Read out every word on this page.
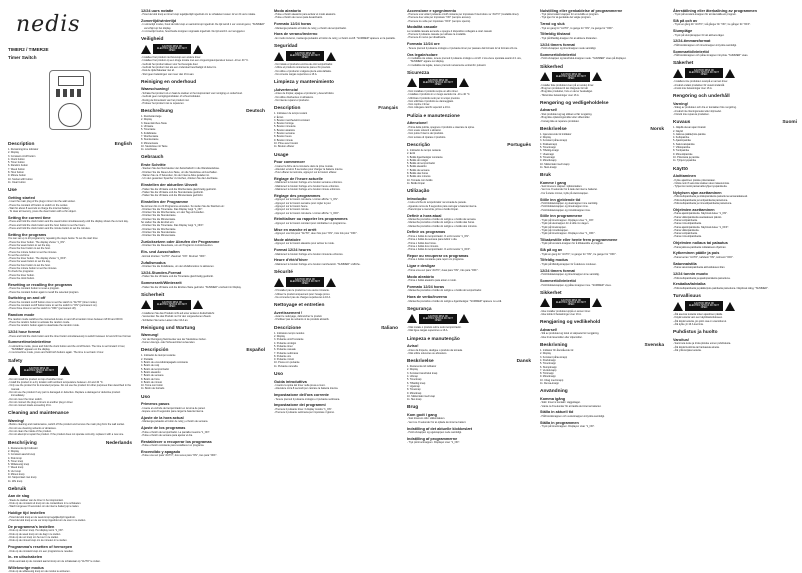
nedis
TIMER2 / TIMER2E
Timer Switch
Description	English
1. Remaining time indicator
2. Display
3. Constant on/off button
4. Clock button
5. Timer button
6. Random button
7. Week button
8. Hour button
9. Minute button
10. Socket with button
11. Clear button
Use
Getting started
- Insert the main plug of the plug-in timer into the wall socket.
- Press the constant off button to switch on the socket.
- Wait for about 8 seconds to charge the internal battery.
- To clear all memory, press the clear button with a thin object.
Setting the current time
- Press and hold the clock button and the week button simultaneously until the display shows the current day.
- Press and hold the clock button and the hour button to set the hours.
- Press and hold the clock button and the minute button to set the minutes.
Setting the programs
You can set up to 20 programs by repeating the steps below. To set the start time:
- Press the timer button. The display shows "1_ON".
- Press the week button to set the day.
- Press the hour button to set the hour.
- Press the minute button to set the minutes.
To set the end time:
- Press the timer button. The display shows "1_OFF".
- Press the week button to set the day.
- Press the hour button to set the hour.
- Press the minute button to set the minutes.
To check the programs:
- Press the timer button.
- Press the clock button.
Resetting or recalling the programs
- Press the constant button to reset a program.
- Press the constant button again to recall the selected program.
Switching on and off
- Press the constant on/off button once to set the switch to "AUTO" (timer mode).
- Press the constant on/off button twice to set the switch to "ON" (permanent on).
- Press three times to set the switch to "OFF" (permanent off).
Random mode
The random mode switches the connected device on and off at random times between 18:00 and 06:00.
- Press the random button to activate the random mode.
- Press the random button again to deactivate the random mode.
12/24 hour format
- Press and hold the clock button and the timer button simultaneously to switch between 12 and 24 hour format.
Summertime/wintertime
- In wintertime mode, press and hold the clock button and the on/off button. The time is set forward 1 hour, "SUMMER" appears on the display.
- In summertime mode, press and hold both buttons again. The time is set back 1 hour.
Safety
CAUTION RISK OF ELECTRIC SHOCK DO NOT OPEN
- Do not install the product on top of another timer.
- Install the product in a dry location with ambient temperature between -10 and 40 °C.
- Only use the product for its intended purpose. Do not use the product for other purposes than described in the manual.
- Do not use the product if any part is damaged or defective. Replace a damaged or defective product immediately.
- Do not cover the timer switch.
- Do not connect the plug-in timers to another plug-in timer.
- Do not connect loads exceeding 16 A.
Cleaning and maintenance
Warning!
- Before cleaning and maintenance, switch off the product and remove the main plug from the wall socket.
- Do not use cleaning solvents or abrasives.
- Do not clean the inside of the product.
- Do not attempt to repair the product. If the product does not operate correctly, replace it with a new one.
Beschrijving	Nederlands
1. Resterende tijd indicator
2. Display
3. Constant aan/uit knop
4. Klok knop
5. Timer knop
6. Willekeurig knop
7. Week knop
8. Uur knop
9. Minuut knop
10. Stopcontact met knop
11. Wis knop
Gebruik
Aan de slag
- Steek de stekker van de timer in het stopcontact.
- Druk op de constant uit knop om de contactdoos in te schakelen.
- Wacht ongeveer 8 seconden om de interne batterij op te laden.
Huidige tijd instellen
- Houd de klok knop en de week knop tegelijkertijd ingedrukt.
- Houd de klok knop en de uur knop ingedrukt om de uren in te stellen.
De programma's instellen
- Druk op de timer knop. Het display toont "1_ON".
- Druk op de week knop om de dag in te stellen.
- Druk op de uur knop om het uur in te stellen.
- Druk op de minuut knop om de minuten in te stellen.
Programma's resetten of herroepen
- Druk op de constant knop om een programma te resetten.
In- en uitschakelen
- Druk eenmaal op de constant aan/uit knop om de schakelaar op "AUTO" te zetten.
Willekeurige modus
- Druk op de willekeurig knop om de modus te activeren.
12/24 uurs notatie
- Houd de klok knop en timer knop tegelijkertijd ingedrukt om te schakelen tussen 12 en 24 uurs notatie.
Zomertijd/wintertijd
- In wintertijd modus, houd de klok knop en aan/uit knop ingedrukt. De tijd wordt 1 uur vooruit gezet, "SUMMER" verschijnt op het display.
- In zomertijd modus, houd beide knoppen nogmaals ingedrukt. De tijd wordt 1 uur teruggezet.
Veiligheid
CAUTION RISK OF ELECTRIC SHOCK DO NOT OPEN
- Installeer het product niet bovenop een andere timer.
- Installeer het product op een droge locatie met een omgevingstemperatuur tussen -10 en 40 °C.
- Gebruik het product alleen voor het beoogde doel.
- Gebruik het product niet als een onderdeel beschadigd of defect is.
- Dek de tijdschakelaar niet af.
- Sluit geen belastingen van meer dan 16 A aan.
Reiniging en onderhoud
Waarschuwing!
- Schakel het product uit en haal de stekker uit het stopcontact voor reiniging en onderhoud.
- Gebruik geen reinigingsmiddelen of schuurmiddelen.
- Reinig de binnenkant van het product niet.
- Probeer het product niet te repareren.
Beschreibung	Deutsch
1. Restzeitanzeige
2. Display
3. Dauer-Ein/Aus-Taste
4. Uhrtaste
5. Timertaste
6. Zufallstaste
7. Wochentaste
8. Stundentaste
9. Minutentaste
10. Steckdose mit Taste
11. Löschtaste
Gebrauch
Erste Schritte
- Stecken Sie den Netzstecker der Zeitschaltuhr in die Wandsteckdose.
- Drücken Sie die Dauer-Aus-Taste, um die Steckdose einzuschalten.
- Warten Sie ca. 8 Sekunden, bis der interne Akku geladen ist.
- Um den gesamten Speicher zu löschen, drücken Sie die Löschtaste.
Einstellen der aktuellen Uhrzeit
- Halten Sie die Uhrtaste und die Wochentaste gleichzeitig gedrückt.
- Halten Sie die Uhrtaste und die Stundentaste gedrückt.
- Halten Sie die Uhrtaste und die Minutentaste gedrückt.
Einstellen der Programme
Sie können bis zu 20 Programme einstellen. So stellen Sie die Startzeit ein:
- Drücken Sie die Timertaste. Das Display zeigt "1_ON".
- Drücken Sie die Wochentaste, um den Tag einzustellen.
- Drücken Sie die Stundentaste.
- Drücken Sie die Minutentaste.
So stellen Sie die Endzeit ein:
- Drücken Sie die Timertaste. Das Display zeigt "1_OFF".
- Drücken Sie die Wochentaste.
- Drücken Sie die Stundentaste.
- Drücken Sie die Minutentaste.
Zurücksetzen oder Abrufen der Programme
- Drücken Sie die Dauertaste, um ein Programm zurückzusetzen.
Ein- und Ausschalten
- Einmal drücken: "AUTO". Zweimal: "ON". Dreimal: "OFF".
Zufallsmodus
- Drücken Sie die Zufallstaste, um den Zufallsmodus zu aktivieren.
12/24-Stunden-Format
- Halten Sie die Uhrtaste und die Timertaste gleichzeitig gedrückt.
Sommerzeit/Winterzeit
- Halten Sie die Uhrtaste und die Ein/Aus-Taste gedrückt. "SUMMER" erscheint im Display.
Sicherheit
CAUTION RISK OF ELECTRIC SHOCK DO NOT OPEN
- Installieren Sie das Produkt nicht auf einer anderen Zeitschaltuhr.
- Verwenden Sie das Produkt nur für den vorgesehenen Zweck.
- Schließen Sie keine Lasten über 16 A an.
Reinigung und Wartung
Warnung!
- Vor der Reinigung Netzstecker aus der Steckdose ziehen.
- Keine Lösungs- oder Scheuermittel verwenden.
Descripción	Español
1. Indicador de tiempo restante
2. Pantalla
3. Botón de encendido/apagado constante
4. Botón de reloj
5. Botón de temporizador
6. Botón aleatorio
7. Botón de semana
8. Botón de hora
9. Botón de minuto
10. Toma con botón
11. Botón de borrado
Uso
Primeros pasos
- Inserte el enchufe del temporizador en la toma de pared.
- Espere unos 8 segundos para cargar la batería interna.
Ajuste de la hora actual
- Mantenga pulsados el botón de reloj y el botón de semana.
Ajuste de los programas
- Pulse el botón de temporizador. La pantalla muestra "1_ON".
- Pulse el botón de semana para ajustar el día.
Restablecer o recuperar los programas
- Pulse el botón constante para restablecer un programa.
Encendido y apagado
- Pulse una vez para "AUTO", dos veces para "ON", tres para "OFF".
Modo aleatorio
- Pulse el botón aleatorio para activar el modo aleatorio.
- Pulse el botón de nuevo para desactivarlo.
Formato 12/24 horas
- Mantenga pulsados el botón de reloj y el botón de temporizador.
Hora de verano/invierno
- En modo invierno, mantenga pulsados el botón de reloj y el botón on/off. "SUMMER" aparece en la pantalla.
Seguridad
CAUTION RISK OF ELECTRIC SHOCK DO NOT OPEN
- No instale el producto encima de otro temporizador.
- Utilice el producto únicamente para el fin previsto.
- No utilice el producto si alguna pieza está dañada.
- No conecte cargas superiores a 16 A.
Limpieza y mantenimiento
¡Advertencia!
- Antes de limpiar, apague el producto y desenchúfelo.
- No utilice disolventes ni abrasivos.
- No intente reparar el producto.
Description	Français
1. Indicateur de temps restant
2. Écran
3. Bouton marche/arrêt constant
4. Bouton horloge
5. Bouton minuterie
6. Bouton aléatoire
7. Bouton semaine
8. Bouton heure
9. Bouton minute
10. Prise avec bouton
11. Bouton effacer
Usage
Pour commencer
- Insérez la fiche de la minuterie dans la prise murale.
- Attendez environ 8 secondes pour charger la batterie interne.
- Pour effacer la mémoire, appuyez sur le bouton effacer.
Réglage de l'heure actuelle
- Maintenez le bouton horloge et le bouton semaine enfoncés.
- Maintenez le bouton horloge et le bouton heure enfoncés.
- Maintenez le bouton horloge et le bouton minute enfoncés.
Réglage des programmes
- Appuyez sur le bouton minuterie. L'écran affiche "1_ON".
- Appuyez sur le bouton semaine pour régler le jour.
- Appuyez sur le bouton heure.
- Appuyez sur le bouton minute.
- Appuyez sur le bouton minuterie. L'écran affiche "1_OFF".
Réinitialiser ou rappeler les programmes
- Appuyez sur le bouton constant pour réinitialiser un programme.
Mise en marche et arrêt
- Appuyez une fois pour "AUTO", deux fois pour "ON", trois fois pour "OFF".
Mode aléatoire
- Appuyez sur le bouton aléatoire pour activer le mode.
Format 12/24 heures
- Maintenez le bouton horloge et le bouton minuterie enfoncés.
Heure d'été/d'hiver
- Maintenez le bouton horloge et le bouton marche/arrêt. "SUMMER" s'affiche.
Sécurité
CAUTION RISK OF ELECTRIC SHOCK DO NOT OPEN
- N'installez pas le produit sur une autre minuterie.
- Utilisez le produit uniquement pour l'usage prévu.
- Ne connectez pas de charges supérieures à 16 A.
Nettoyage et entretien
Avertissement !
- Avant le nettoyage, débranchez le produit.
- N'utilisez pas de solvants ni de produits abrasifs.
Descrizione	Italiano
1. Indicatore tempo residuo
2. Display
3. Pulsante on/off costante
4. Pulsante orologio
5. Pulsante timer
6. Pulsante casuale
7. Pulsante settimana
8. Pulsante ora
9. Pulsante minuti
10. Presa con pulsante
11. Pulsante cancella
Uso
Guida introduttiva
- Inserire la spina del timer nella presa a muro.
- Attendere circa 8 secondi per caricare la batteria interna.
Impostazione dell'ora corrente
- Tenere premuti il pulsante orologio e il pulsante settimana.
Impostazione dei programmi
- Premere il pulsante timer. Il display mostra "1_ON".
- Premere il pulsante settimana per impostare il giorno.
Accensione e spegnimento
- Premere una volta il pulsante on/off costante per impostare l'interruttore su "AUTO" (modalità timer).
- Premere due volte per impostare "ON" (sempre acceso).
- Premere tre volte per impostare "OFF" (sempre spento).
Modalità casuale
La modalità casuale accende e spegne il dispositivo collegato a orari casuali.
- Premere il pulsante casuale per attivare la modalità.
- Premere di nuovo per disattivarla.
Formato 12/24 ore
- Tenere premuti il pulsante orologio e il pulsante timer per passare dal formato 12 al formato 24 ore.
Ora legale/solare
- In modalità ora solare, tenere premuti il pulsante orologio e on/off. L'ora viene spostata avanti di 1 ora, "SUMMER" appare sul display.
- In modalità ora legale, tenere premuti nuovamente entrambi i pulsanti.
Sicurezza
CAUTION RISK OF ELECTRIC SHOCK DO NOT OPEN
- Non installare il prodotto sopra un altro timer.
- Installare il prodotto in un luogo asciutto tra -10 e 40 °C.
- Utilizzare il prodotto solo per lo scopo previsto.
- Non utilizzare il prodotto se danneggiato.
- Non coprire il timer.
- Non collegare carichi superiori a 16 A.
Pulizia e manutenzione
Attenzione!
- Prima della pulizia, spegnere il prodotto e staccare la spina.
- Non usare solventi o abrasivi.
- Non pulire l'interno del prodotto.
- Non tentare di riparare il prodotto.
Descrição	Português
1. Indicador de tempo restante
2. Ecrã
3. Botão ligar/desligar constante
4. Botão do relógio
5. Botão do temporizador
6. Botão aleatório
7. Botão da semana
8. Botão das horas
9. Botão dos minutos
10. Tomada com botão
11. Botão limpar
Utilização
Introdução
- Insira a ficha do temporizador na tomada de parede.
- Aguarde cerca de 8 segundos para carregar a bateria interna.
- Para limpar a memória, prima o botão limpar.
Definir a hora atual
- Mantenha premidos o botão do relógio e o botão da semana.
- Mantenha premidos o botão do relógio e o botão das horas.
- Mantenha premidos o botão do relógio e o botão dos minutos.
Definir os programas
- Prima o botão do temporizador. O ecrã mostra "1_ON".
- Prima o botão da semana para definir o dia.
- Prima o botão das horas.
- Prima o botão dos minutos.
- Prima o botão do temporizador. O ecrã mostra "1_OFF".
Repor ou recuperar os programas
- Prima o botão constante para repor um programa.
Ligar e desligar
- Prima uma vez para "AUTO", duas para "ON", três para "OFF".
Modo aleatório
- Prima o botão aleatório para ativar o modo.
Formato 12/24 horas
- Mantenha premidos o botão do relógio e o botão do temporizador.
Hora de verão/inverno
- Mantenha premidos o botão do relógio e ligar/desligar. "SUMMER" aparece no ecrã.
Segurança
CAUTION RISK OF ELECTRIC SHOCK DO NOT OPEN
- Não instale o produto sobre outro temporizador.
- Não ligue cargas superiores a 16 A.
Limpeza e manutenção
Aviso!
- Antes da limpeza, desligue o produto da tomada.
- Não utilize solventes ou abrasivos.
Beskrivelse	Dansk
1. Resterende tid indikator
2. Display
3. Konstant tænd/sluk knap
4. Urknap
5. Timerknap
6. Tilfældig knap
7. Ugeknap
8. Timeknap
9. Minutknap
10. Stikkontakt med knap
11. Slet knap
Brug
Kom godt i gang
- Sæt timerens stik i stikkontakten.
- Vent ca. 8 sekunder for at oplade det interne batteri.
Indstilling af det aktuelle klokkeslæt
- Hold urknappen og ugeknappen nede samtidigt.
Indstilling af programmerne
- Tryk på timerknappen. Displayet viser "1_ON".
Nulstilling eller genkaldelse af programmerne
- Tryk på konstant knappen for at nulstille et program.
- Tryk igen for at genkalde det valgte program.
Tænd og sluk
- Tryk én gang for "AUTO", to gange for "ON", tre gange for "OFF".
Tilfældig tilstand
- Tryk på tilfældig-knappen for at aktivere tilstanden.
12/24 timers format
- Hold urknappen og timerknappen nede samtidigt.
Sommertid/vintertid
- Hold urknappen og tænd/sluk-knappen nede. "SUMMER" vises på displayet.
Sikkerhed
CAUTION RISK OF ELECTRIC SHOCK DO NOT OPEN
- Installer ikke produktet oven på en anden timer.
- Brug kun produktet til det tilsigtede formål.
- Brug ikke produktet, hvis en del er beskadiget.
- Tilslut ikke belastninger over 16 A.
Rengøring og vedligeholdelse
Advarsel!
- Sluk produktet og tag stikket ud før rengøring.
- Brug ikke opløsningsmidler eller slibemidler.
- Forsøg ikke at reparere produktet.
Beskrivelse	Norsk
1. Gjenværende tid indikator
2. Display
3. Konstant på/av-knapp
4. Klokkeknapp
5. Timerknapp
6. Tilfeldig-knapp
7. Ukeknapp
8. Timeknapp
9. Minuttknapp
10. Stikkontakt med knapp
11. Slett-knapp
Bruk
Komme i gang
- Sett timerens støpsel i stikkontakten.
- Vent ca. 8 sekunder for å lade det interne batteriet.
- For å slette minnet, trykk på slett-knappen.
Stille inn gjeldende tid
- Hold klokkeknappen og ukeknappen inne samtidig.
- Hold klokkeknappen og timeknappen inne.
- Hold klokkeknappen og minuttknappen inne.
Stille inn programmene
- Trykk på timerknappen. Displayet viser "1_ON".
- Trykk på ukeknappen for å stille inn dagen.
- Trykk på timeknappen.
- Trykk på minuttknappen.
- Trykk på timerknappen. Displayet viser "1_OFF".
Tilbakestille eller hente frem programmene
- Trykk på konstant-knappen for å tilbakestille et program.
Slå på og av
- Trykk én gang for "AUTO", to ganger for "ON", tre ganger for "OFF".
Tilfeldig modus
- Trykk på tilfeldig-knappen for å aktivere modusen.
12/24 timers format
- Hold klokkeknappen og timerknappen inne samtidig.
Sommertid/vintertid
- Hold klokkeknappen og på/av-knappen inne. "SUMMER" vises.
Sikkerhet
CAUTION RISK OF ELECTRIC SHOCK DO NOT OPEN
- Ikke installer produktet oppå en annen timer.
- Ikke koble til belastninger over 16 A.
Rengjøring og vedlikehold
Advarsel!
- Slå av produktet og trekk ut støpselet før rengjøring.
- Ikke bruk løsemidler eller slipemidler.
Beskrivning	Svenska
1. Indikator för återstående tid
2. Display
3. Konstant på/av-knapp
4. Klockknapp
5. Timerknapp
6. Slumpknapp
7. Veckoknapp
8. Timknapp
9. Minutknapp
10. Uttag med knapp
11. Rensa-knapp
Användning
Komma igång
- Sätt i timerns kontakt i vägguttaget.
- Vänta ca 8 sekunder för att ladda det interna batteriet.
Ställa in aktuell tid
- Håll klockknappen och veckoknappen intryckta samtidigt.
Ställa in programmen
- Tryck på timerknappen. Displayen visar "1_ON".
Återställning eller återkallning av programmen
- Tryck på konstant-knappen för att återställa ett program.
Slå på och av
- Tryck en gång för "AUTO", två gånger för "ON", tre gånger för "OFF".
Slumpläge
- Tryck på slumpknappen för att aktivera läget.
12/24-timmarsformat
- Håll klockknappen och timerknappen intryckta samtidigt.
Sommartid/vintertid
- Håll klockknappen och på/av-knappen intryckta. "SUMMER" visas.
Säkerhet
CAUTION RISK OF ELECTRIC SHOCK DO NOT OPEN
- Installera inte produkten ovanpå en annan timer.
- Använd endast produkten för avsett ändamål.
- Anslut inte belastningar över 16 A.
Rengöring och underhåll
Varning!
- Stäng av produkten och dra ur kontakten före rengöring.
- Använd inte lösningsmedel eller slipmedel.
- Försök inte reparera produkten.
Kuvaus	Suomi
1. Jäljellä olevan ajan ilmaisin
2. Näyttö
3. Jatkuva päälle/pois-painike
4. Kellopainike
5. Ajastinpainike
6. Satunnaispainike
7. Viikkopainike
8. Tuntipainike
9. Minuuttipainike
10. Pistorasia ja painike
11. Tyhjennyspainike
Käyttö
Aloittaminen
- Kytke ajastimen pistoke pistorasiaan.
- Odota noin 8 sekuntia sisäisen akun latautumista.
- Tyhjennä muisti painamalla tyhjennyspainiketta.
Nykyisen ajan asettaminen
- Pidä kellopainiketta ja viikkopainiketta painettuna samanaikaisesti.
- Pidä kellopainiketta ja tuntipainiketta painettuna.
- Pidä kellopainiketta ja minuuttipainiketta painettuna.
Ohjelmien asettaminen
- Paina ajastinpainiketta. Näytössä lukee "1_ON".
- Paina viikkopainiketta asettaaksesi päivän.
- Paina tuntipainiketta.
- Paina minuuttipainiketta.
- Paina ajastinpainiketta. Näytössä lukee "1_OFF".
- Paina viikkopainiketta.
- Paina tuntipainiketta.
- Paina minuuttipainiketta.
Ohjelmien nollaus tai palautus
- Paina jatkuva-painiketta nollataksesi ohjelman.
Kytkeminen päälle ja pois
- Paina kerran "AUTO", kahdesti "ON", kolmesti "OFF".
Satunnaistila
- Paina satunnaispainiketta aktivoidaksesi tilan.
12/24 tunnin muoto
- Pidä kellopainiketta ja ajastinpainiketta painettuna.
Kesäaika/talviaika
- Pidä kellopainiketta ja päälle/pois-painiketta painettuna. Näytössä näkyy "SUMMER".
Turvallisuus
CAUTION RISK OF ELECTRIC SHOCK DO NOT OPEN
- Älä asenna tuotetta toisen ajastimen päälle.
- Käytä tuotetta vain sen käyttötarkoitukseen.
- Älä käytä tuotetta, jos jokin osa on vaurioitunut.
- Älä kytke yli 16 A kuormia.
Puhdistus ja huolto
Varoitus!
- Sammuta tuote ja irrota pistoke ennen puhdistusta.
- Älä käytä liuottimia tai hankaavia aineita.
- Älä yritä korjata tuotetta.
